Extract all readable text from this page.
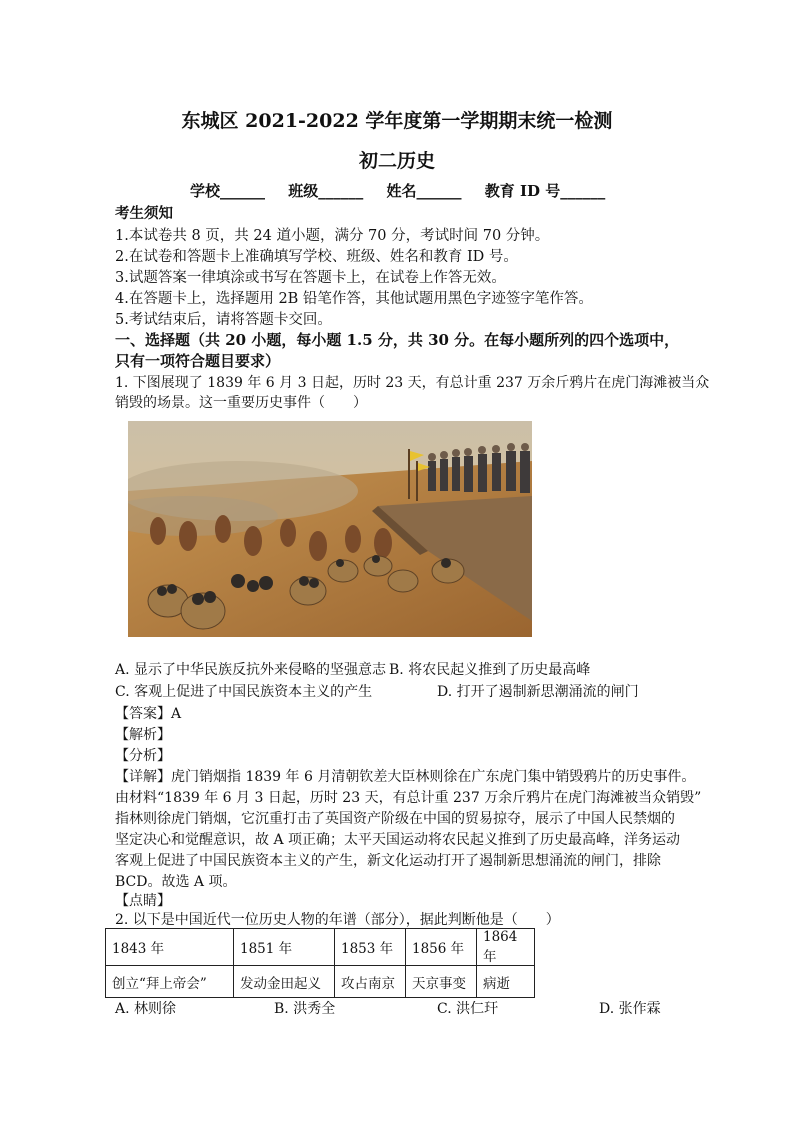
东城区 2021-2022 学年度第一学期期末统一检测
初二历史
学校______ 班级______ 姓名______ 教育 ID 号______
考生须知
1.本试卷共 8 页，共 24 道小题，满分 70 分，考试时间 70 分钟。
2.在试卷和答题卡上准确填写学校、班级、姓名和教育 ID 号。
3.试题答案一律填涂或书写在答题卡上，在试卷上作答无效。
4.在答题卡上，选择题用 2B 铅笔作答，其他试题用黑色字迹签字笔作答。
5.考试结束后，请将答题卡交回。
一、选择题（共 20 小题，每小题 1.5 分，共 30 分。在每小题所列的四个选项中，
只有一项符合题目要求）
1. 下图展现了 1839 年 6 月 3 日起，历时 23 天，有总计重 237 万余斤鸦片在虎门海滩被当众
销毁的场景。这一重要历史事件（　　）
A. 显示了中华民族反抗外来侵略的坚强意志 B. 将农民起义推到了历史最高峰
C. 客观上促进了中国民族资本主义的产生	D. 打开了遏制新思潮涌流的闸门
【答案】A
【解析】
【分析】
【详解】虎门销烟指 1839 年 6 月清朝钦差大臣林则徐在广东虎门集中销毁鸦片的历史事件。
由材料“1839 年 6 月 3 日起，历时 23 天，有总计重 237 万余斤鸦片在虎门海滩被当众销毁”
指林则徐虎门销烟，它沉重打击了英国资产阶级在中国的贸易掠夺，展示了中国人民禁烟的
坚定决心和觉醒意识，故 A 项正确；太平天国运动将农民起义推到了历史最高峰，洋务运动
客观上促进了中国民族资本主义的产生，新文化运动打开了遏制新思想涌流的闸门，排除
BCD。故选 A 项。
【点睛】
2. 以下是中国近代一位历史人物的年谱（部分），据此判断他是（　　）
1843 年	1851 年	1853 年	1856 年	1864 年
创立“拜上帝会”	发动金田起义	攻占南京	天京事变	病逝
A. 林则徐	B. 洪秀全	C. 洪仁玕	D. 张作霖
